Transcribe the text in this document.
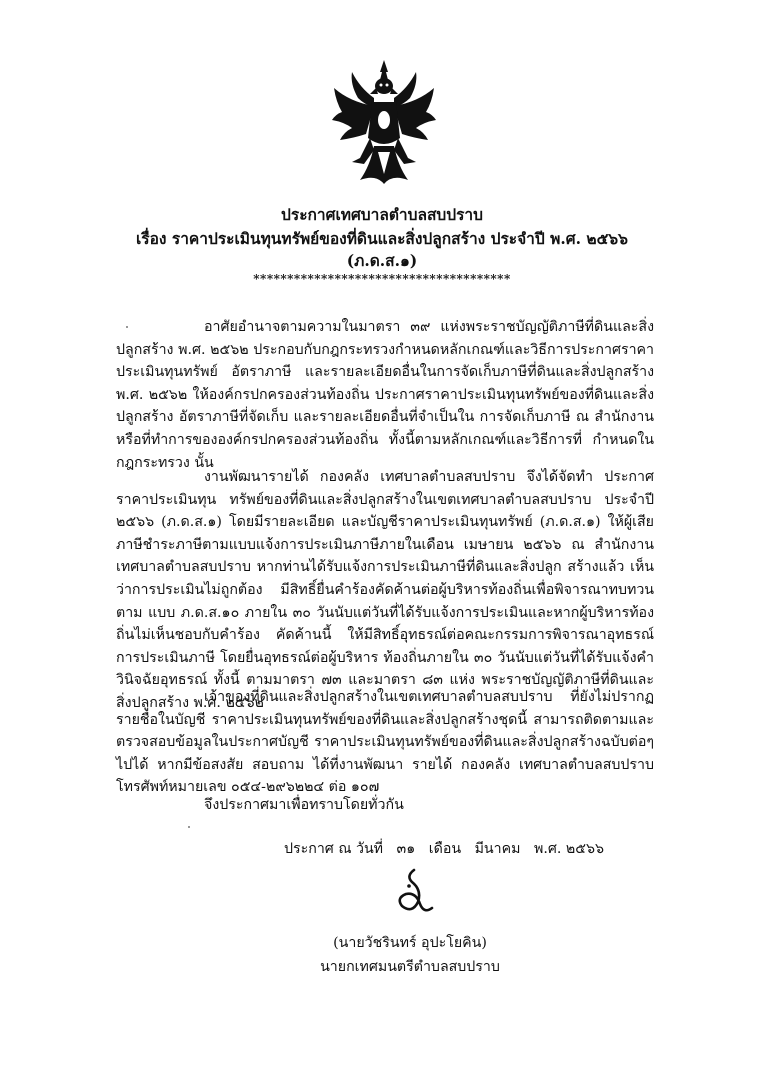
ประกาศเทศบาลตำบลสบปราบ
เรื่อง ราคาประเมินทุนทรัพย์ของที่ดินและสิ่งปลูกสร้าง ประจำปี พ.ศ. ๒๕๖๖
(ภ.ด.ส.๑)
**************************************

อาศัยอำนาจตามความในมาตรา ๓๙ แห่งพระราชบัญญัติภาษีที่ดินและสิ่งปลูกสร้าง พ.ศ. ๒๕๖๒ ประกอบกับกฎกระทรวงกำหนดหลักเกณฑ์และวิธีการประกาศราคาประเมินทุนทรัพย์ อัตราภาษี และรายละเอียดอื่นในการจัดเก็บภาษีที่ดินและสิ่งปลูกสร้าง พ.ศ. ๒๕๖๒ ให้องค์กรปกครองส่วนท้องถิ่น ประกาศราคาประเมินทุนทรัพย์ของที่ดินและสิ่งปลูกสร้าง อัตราภาษีที่จัดเก็บ และรายละเอียดอื่นที่จำเป็นใน การจัดเก็บภาษี ณ สำนักงานหรือที่ทำการขององค์กรปกครองส่วนท้องถิ่น ทั้งนี้ตามหลักเกณฑ์และวิธีการที่ กำหนดในกฎกระทรวง นั้น

งานพัฒนารายได้ กองคลัง เทศบาลตำบลสบปราบ จึงได้จัดทำ ประกาศราคาประเมินทุน ทรัพย์ของที่ดินและสิ่งปลูกสร้างในเขตเทศบาลตำบลสบปราบ ประจำปี ๒๕๖๖ (ภ.ด.ส.๑) โดยมีรายละเอียด และบัญชีราคาประเมินทุนทรัพย์ (ภ.ด.ส.๑) ให้ผู้เสียภาษีชำระภาษีตามแบบแจ้งการประเมินภาษีภายในเดือน เมษายน ๒๕๖๖ ณ สำนักงานเทศบาลตำบลสบปราบ หากท่านได้รับแจ้งการประเมินภาษีที่ดินและสิ่งปลูก สร้างแล้ว เห็นว่าการประเมินไม่ถูกต้อง มีสิทธิ์ยื่นคำร้องคัดค้านต่อผู้บริหารท้องถิ่นเพื่อพิจารณาทบทวนตาม แบบ ภ.ด.ส.๑๐ ภายใน ๓๐ วันนับแต่วันที่ได้รับแจ้งการประเมินและหากผู้บริหารท้องถิ่นไม่เห็นชอบกับคำร้อง คัดค้านนี้ ให้มีสิทธิ์อุทธรณ์ต่อคณะกรรมการพิจารณาอุทธรณ์การประเมินภาษี โดยยื่นอุทธรณ์ต่อผู้บริหาร ท้องถิ่นภายใน ๓๐ วันนับแต่วันที่ได้รับแจ้งคำวินิจฉัยอุทธรณ์ ทั้งนี้ ตามมาตรา ๗๓ และมาตรา ๘๓ แห่ง พระราชบัญญัติภาษีที่ดินและสิ่งปลูกสร้าง พ.ศ. ๒๕๖๒

เจ้าของที่ดินและสิ่งปลูกสร้างในเขตเทศบาลตำบลสบปราบ ที่ยังไม่ปรากฏรายชื่อในบัญชี ราคาประเมินทุนทรัพย์ของที่ดินและสิ่งปลูกสร้างชุดนี้ สามารถติดตามและตรวจสอบข้อมูลในประกาศบัญชี ราคาประเมินทุนทรัพย์ของที่ดินและสิ่งปลูกสร้างฉบับต่อๆ ไปได้ หากมีข้อสงสัย สอบถาม ได้ที่งานพัฒนา รายได้ กองคลัง เทศบาลตำบลสบปราบ โทรศัพท์หมายเลข ๐๕๔-๒๙๖๒๒๔ ต่อ ๑๐๗

จึงประกาศมาเพื่อทราบโดยทั่วกัน
ประกาศ ณ วันที่   ๓๑   เดือน   มีนาคม   พ.ศ. ๒๕๖๖
(นายวัชรินทร์ อุปะโยคิน)
นายกเทศมนตรีตำบลสบปราบ
